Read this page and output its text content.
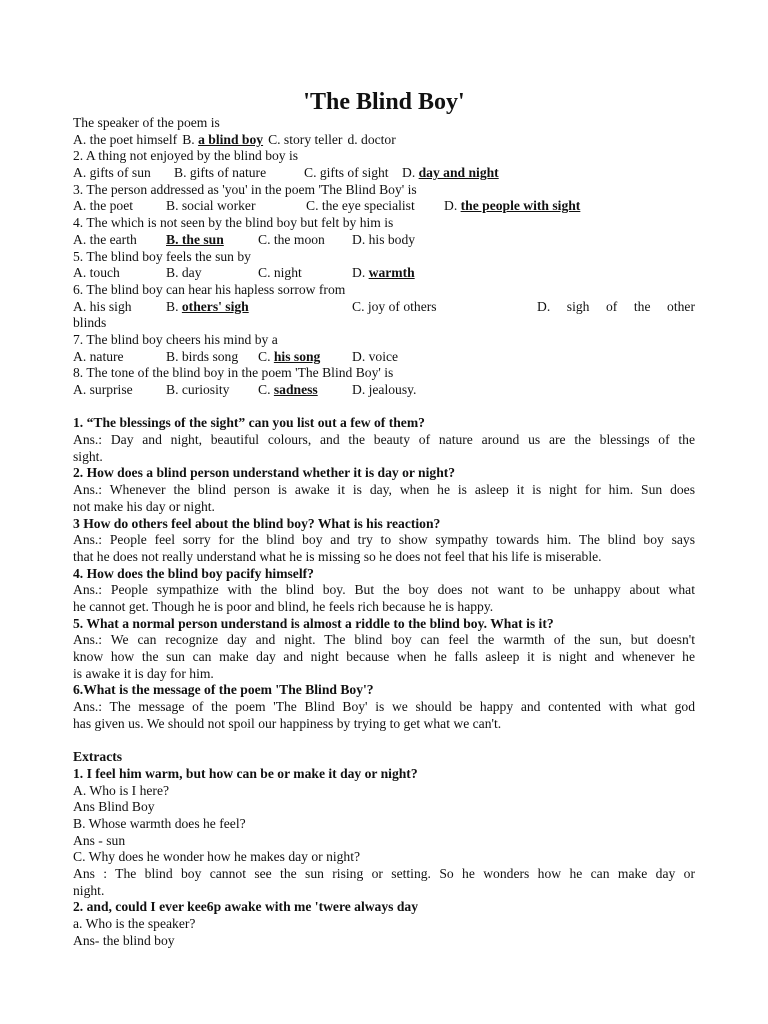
'The Blind Boy'
The speaker of the poem is
A. the poet himself B. a blind boy C. story teller d. doctor
2. A thing not enjoyed by the blind boy is
A. gifts of sun B. gifts of nature	C. gifts of sight D. day and night
3. The person addressed as 'you' in the poem 'The Blind Boy' is
A. the poet B. social worker	C. the eye specialist D. the people with sight
4. The which is not seen by the blind boy but felt by him is
A. the earth B. the sun	C. the moon D. his body
5. The blind boy feels the sun by
A. touch	B. day	C. night	D. warmth
6. The blind boy can hear his hapless sorrow from
A. his sigh	B. others' sigh	C. joy of others	D. sigh of the other
blinds
7. The blind boy cheers his mind by a
A. nature	B. birds song C. his song D. voice
8. The tone of the blind boy in the poem 'The Blind Boy' is
A. surprise B. curiosity C. sadness	D. jealousy.
1. “The blessings of the sight” can you list out a few of them?
Ans.: Day and night, beautiful colours, and the beauty of nature around us are the blessings of the
sight.
2. How does a blind person understand whether it is day or night?
Ans.: Whenever the blind person is awake it is day, when he is asleep it is night for him. Sun does
not make his day or night.
3 How do others feel about the blind boy? What is his reaction?
Ans.: People feel sorry for the blind boy and try to show sympathy towards him. The blind boy says
that he does not really understand what he is missing so he does not feel that his life is miserable.
4. How does the blind boy pacify himself?
Ans.: People sympathize with the blind boy. But the boy does not want to be unhappy about what
he cannot get. Though he is poor and blind, he feels rich because he is happy.
5. What a normal person understand is almost a riddle to the blind boy. What is it?
Ans.: We can recognize day and night. The blind boy can feel the warmth of the sun, but doesn't
know how the sun can make day and night because when he falls asleep it is night and whenever he
is awake it is day for him.
6.What is the message of the poem 'The Blind Boy'?
Ans.: The message of the poem 'The Blind Boy' is we should be happy and contented with what god
has given us. We should not spoil our happiness by trying to get what we can't.
Extracts
1. I feel him warm, but how can be or make it day or night?
A. Who is I here?
Ans Blind Boy
B. Whose warmth does he feel?
Ans - sun
C. Why does he wonder how he makes day or night?
Ans : The blind boy cannot see the sun rising or setting. So he wonders how he can make day or
night.
2. and, could I ever kee6p awake with me 'twere always day
a. Who is the speaker?
Ans- the blind boy
